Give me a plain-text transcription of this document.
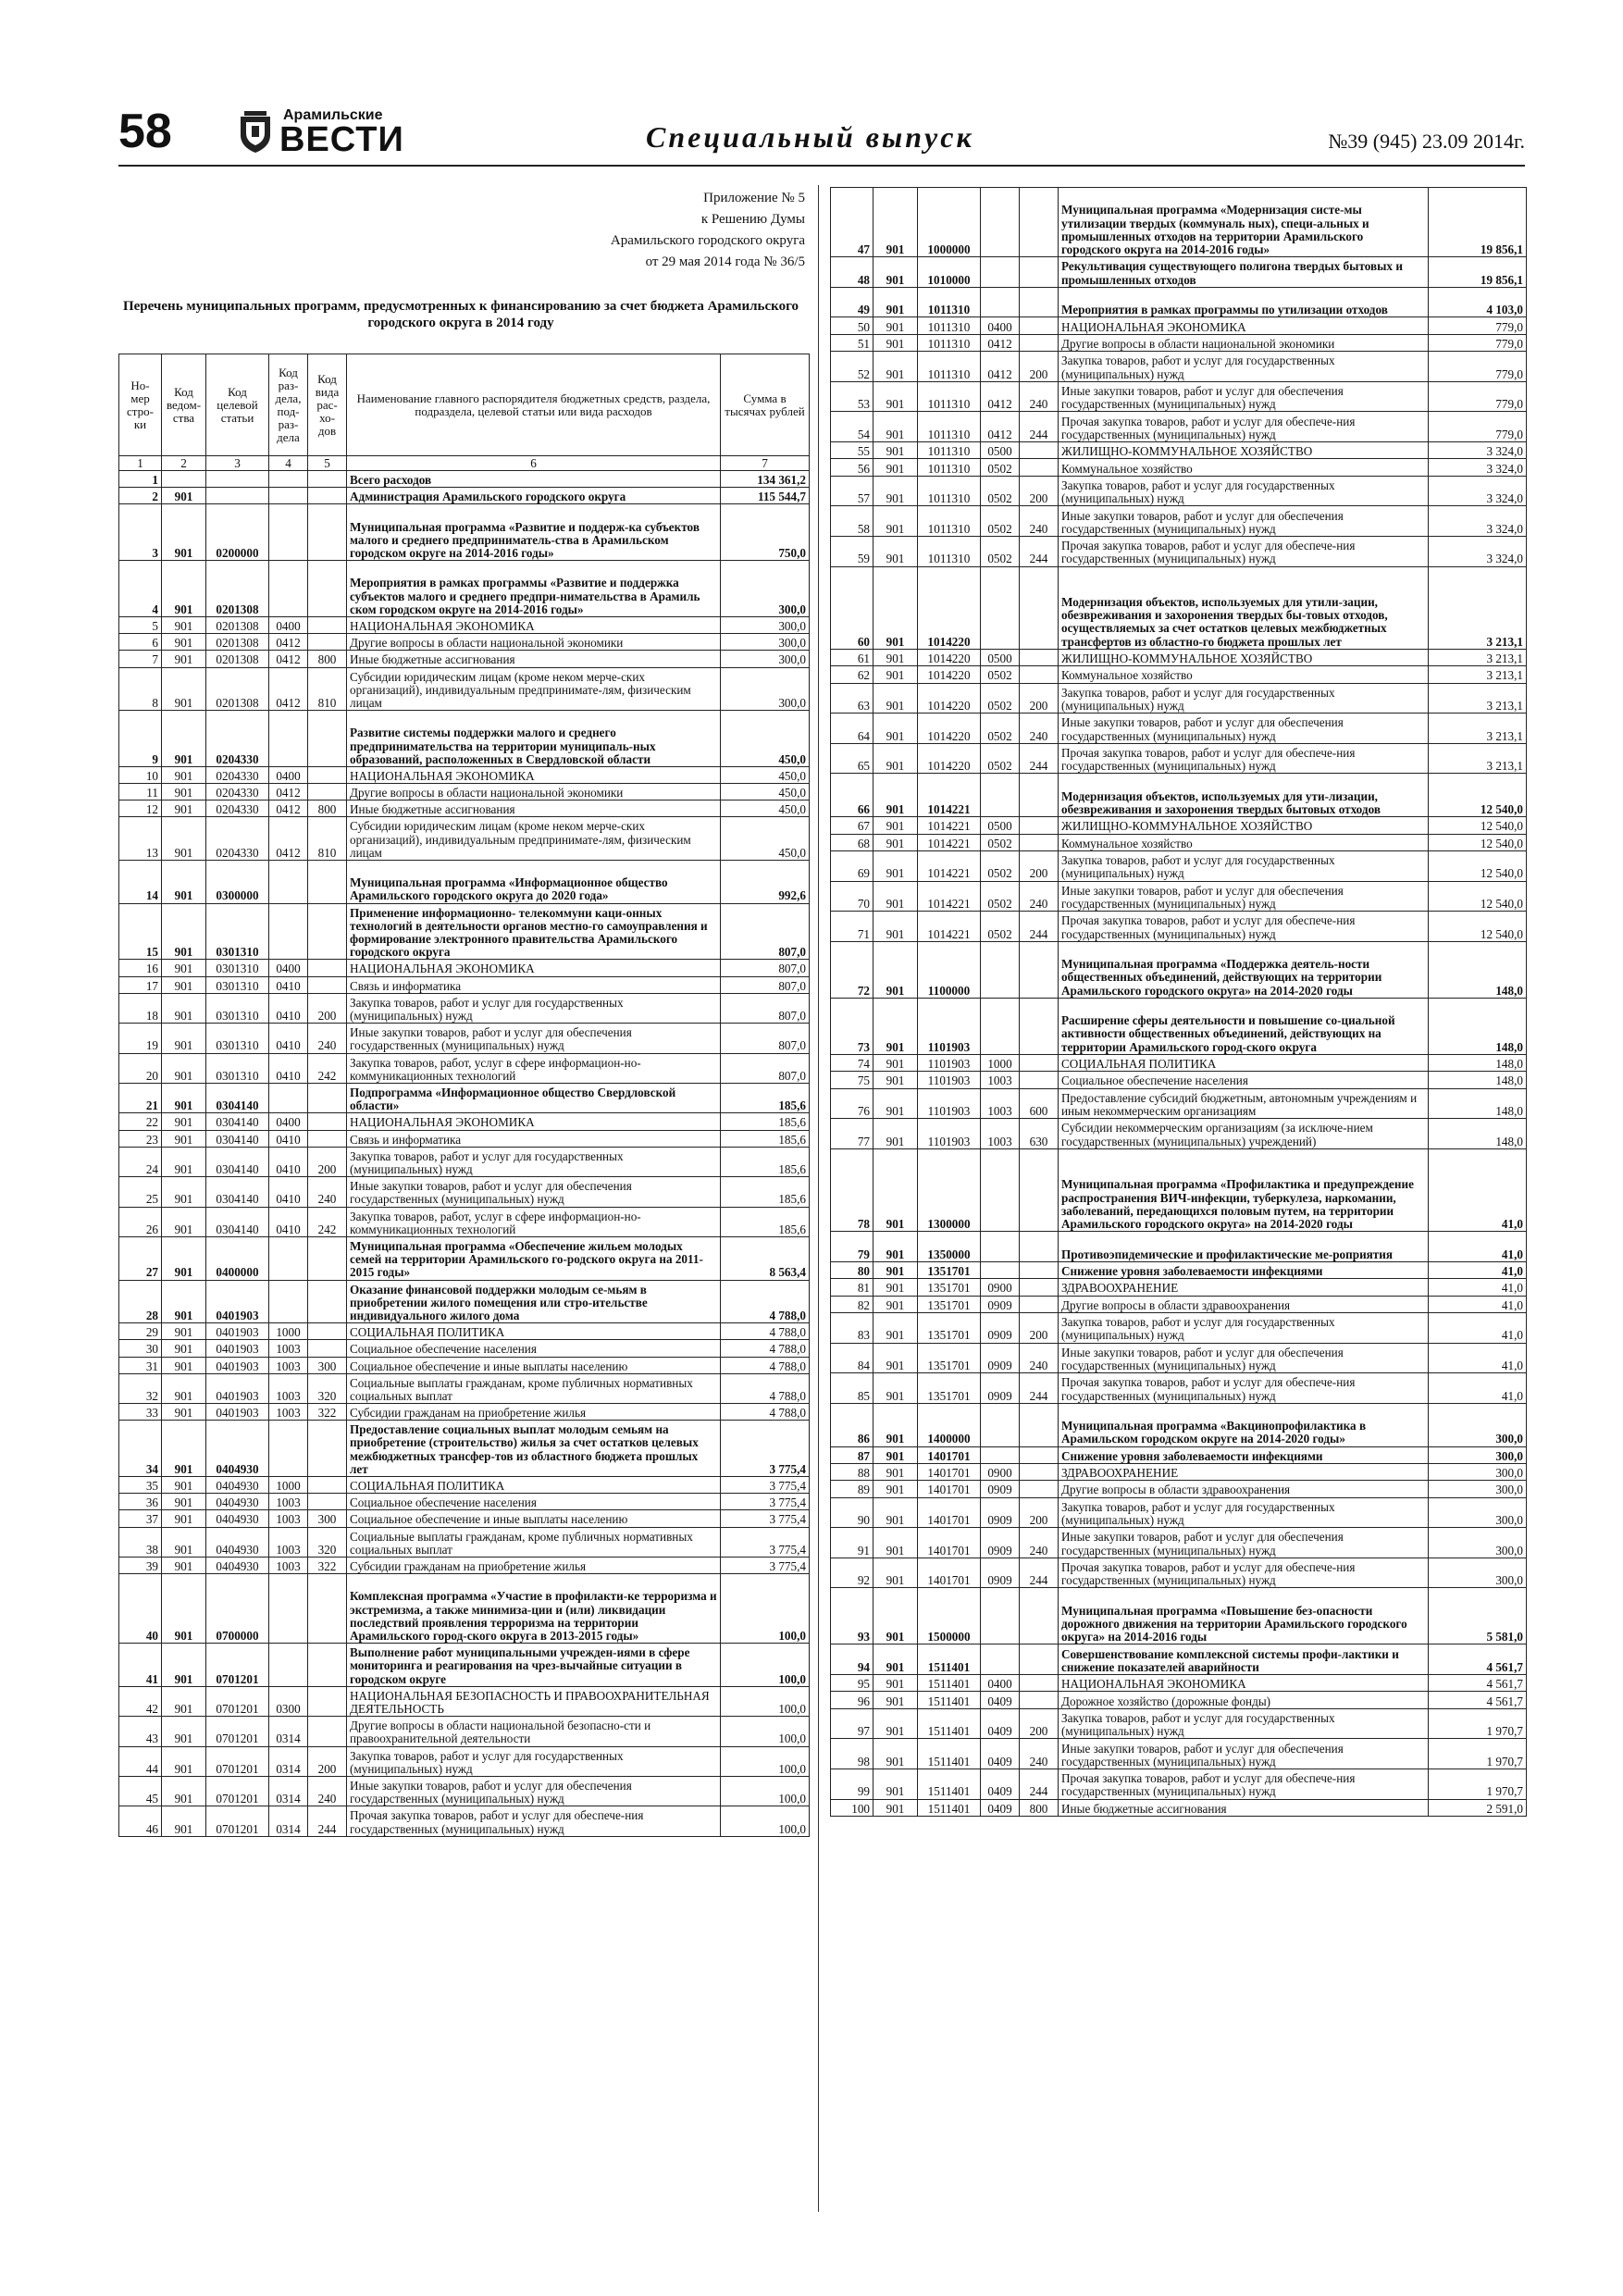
58	Арамильские
ВЕСТИ	Специальный выпуск	№39 (945) 23.09 2014г.
Приложение № 5
к Решению Думы
Арамильского городского округа
от 29 мая 2014 года № 36/5
Перечень муниципальных программ, предусмотренных к финансированию за счет бюджета Арамильского городского округа в 2014 году
Но-мер стро-ки	Код ведом-ства	Код целевой статьи	Код раз-дела, под-раз-дела	Код вида рас-хо-дов	Наименование главного распорядителя бюджетных средств, раздела, подраздела, целевой статьи или вида расходов	Сумма в тысячах рублей
1	2	3	4	5	6	7
1					Всего расходов	134 361,2
2	901				Администрация Арамильского городского округа	115 544,7
3	901	0200000			Муниципальная программа «Развитие и поддерж-ка субъектов малого и среднего предприниматель-ства в Арамильском городском округе на 2014-2016 годы»	750,0
4	901	0201308			Мероприятия в рамках программы «Развитие и поддержка субъектов малого и среднего предпри-нимательства в Арамиль ском городском округе на 2014-2016 годы»	300,0
5	901	0201308	0400		НАЦИОНАЛЬНАЯ ЭКОНОМИКА	300,0
6	901	0201308	0412		Другие вопросы в области национальной экономики	300,0
7	901	0201308	0412	800	Иные бюджетные ассигнования	300,0
8	901	0201308	0412	810	Субсидии юридическим лицам (кроме неком мерче-ских организаций), индивидуальным предпринимате-лям, физическим лицам	300,0
9	901	0204330			Развитие системы поддержки малого и среднего предпринимательства на территории муниципаль-ных образований, расположенных в Свердловской области	450,0
10	901	0204330	0400		НАЦИОНАЛЬНАЯ ЭКОНОМИКА	450,0
11	901	0204330	0412		Другие вопросы в области национальной экономики	450,0
12	901	0204330	0412	800	Иные бюджетные ассигнования	450,0
13	901	0204330	0412	810	Субсидии юридическим лицам (кроме неком мерче-ских организаций), индивидуальным предпринимате-лям, физическим лицам	450,0
14	901	0300000			Муниципальная программа «Информационное общество Арамильского городского округа до 2020 года»	992,6
15	901	0301310			Применение информационно- телекоммуни каци-онных технологий в деятельности органов местно-го самоуправления и формирование электронного правительства Арамильского городского округа	807,0
16	901	0301310	0400		НАЦИОНАЛЬНАЯ ЭКОНОМИКА	807,0
17	901	0301310	0410		Связь и информатика	807,0
18	901	0301310	0410	200	Закупка товаров, работ и услуг для государственных (муниципальных) нужд	807,0
19	901	0301310	0410	240	Иные закупки товаров, работ и услуг для обеспечения государственных (муниципальных) нужд	807,0
20	901	0301310	0410	242	Закупка товаров, работ, услуг в сфере информацион-но-коммуникационных технологий	807,0
21	901	0304140			Подпрограмма «Информационное общество Свердловской области»	185,6
22	901	0304140	0400		НАЦИОНАЛЬНАЯ ЭКОНОМИКА	185,6
23	901	0304140	0410		Связь и информатика	185,6
24	901	0304140	0410	200	Закупка товаров, работ и услуг для государственных (муниципальных) нужд	185,6
25	901	0304140	0410	240	Иные закупки товаров, работ и услуг для обеспечения государственных (муниципальных) нужд	185,6
26	901	0304140	0410	242	Закупка товаров, работ, услуг в сфере информацион-но-коммуникационных технологий	185,6
27	901	0400000			Муниципальная программа «Обеспечение жильем молодых семей на территории Арамильского го-родского округа на 2011-2015 годы»	8 563,4
28	901	0401903			Оказание финансовой поддержки молодым се-мьям в приобретении жилого помещения или стро-ительстве индивидуального жилого дома	4 788,0
29	901	0401903	1000		СОЦИАЛЬНАЯ ПОЛИТИКА	4 788,0
30	901	0401903	1003		Социальное обеспечение населения	4 788,0
31	901	0401903	1003	300	Социальное обеспечение и иные выплаты населению	4 788,0
32	901	0401903	1003	320	Социальные выплаты гражданам, кроме публичных нормативных социальных выплат	4 788,0
33	901	0401903	1003	322	Субсидии гражданам на приобретение жилья	4 788,0
34	901	0404930			Предоставление социальных выплат молодым семьям на приобретение (строительство) жилья за счет остатков целевых межбюджетных трансфер-тов из областного бюджета прошлых лет	3 775,4
35	901	0404930	1000		СОЦИАЛЬНАЯ ПОЛИТИКА	3 775,4
36	901	0404930	1003		Социальное обеспечение населения	3 775,4
37	901	0404930	1003	300	Социальное обеспечение и иные выплаты населению	3 775,4
38	901	0404930	1003	320	Социальные выплаты гражданам, кроме публичных нормативных социальных выплат	3 775,4
39	901	0404930	1003	322	Субсидии гражданам на приобретение жилья	3 775,4
40	901	0700000			Комплексная программа «Участие в профилакти-ке терроризма и экстремизма, а также минимиза-ции и (или) ликвидации последствий проявления терроризма на территории Арамильского город-ского округа в 2013-2015 годы»	100,0
41	901	0701201			Выполнение работ муниципальными учрежден-иями в сфере мониторинга и реагирования на чрез-вычайные ситуации в городском округе	100,0
42	901	0701201	0300		НАЦИОНАЛЬНАЯ БЕЗОПАСНОСТЬ И ПРАВООХРАНИТЕЛЬНАЯ ДЕЯТЕЛЬНОСТЬ	100,0
43	901	0701201	0314		Другие вопросы в области национальной безопасно-сти и правоохранительной деятельности	100,0
44	901	0701201	0314	200	Закупка товаров, работ и услуг для государственных (муниципальных) нужд	100,0
45	901	0701201	0314	240	Иные закупки товаров, работ и услуг для обеспечения государственных (муниципальных) нужд	100,0
46	901	0701201	0314	244	Прочая закупка товаров, работ и услуг для обеспече-ния государственных (муниципальных) нужд	100,0
47	901	1000000			Муниципальная программа «Модернизация систе-мы утилизации твердых (коммуналь ных), специ-альных и промышленных отходов на территории Арамильского городского округа на 2014-2016 годы»	19 856,1
48	901	1010000			Рекультивация существующего полигона твердых бытовых и промышленных отходов	19 856,1
49	901	1011310			Мероприятия в рамках программы по утилизации отходов	4 103,0
50	901	1011310	0400		НАЦИОНАЛЬНАЯ ЭКОНОМИКА	779,0
51	901	1011310	0412		Другие вопросы в области национальной экономики	779,0
52	901	1011310	0412	200	Закупка товаров, работ и услуг для государственных (муниципальных) нужд	779,0
53	901	1011310	0412	240	Иные закупки товаров, работ и услуг для обеспечения государственных (муниципальных) нужд	779,0
54	901	1011310	0412	244	Прочая закупка товаров, работ и услуг для обеспече-ния государственных (муниципальных) нужд	779,0
55	901	1011310	0500		ЖИЛИЩНО-КОММУНАЛЬНОЕ ХОЗЯЙСТВО	3 324,0
56	901	1011310	0502		Коммунальное хозяйство	3 324,0
57	901	1011310	0502	200	Закупка товаров, работ и услуг для государственных (муниципальных) нужд	3 324,0
58	901	1011310	0502	240	Иные закупки товаров, работ и услуг для обеспечения государственных (муниципальных) нужд	3 324,0
59	901	1011310	0502	244	Прочая закупка товаров, работ и услуг для обеспече-ния государственных (муниципальных) нужд	3 324,0
60	901	1014220			Модернизация объектов, используемых для утили-зации, обезвреживания и захоронения твердых бы-товых отходов, осуществляемых за счет остатков целевых межбюджетных трансфертов из областно-го бюджета прошлых лет	3 213,1
61	901	1014220	0500		ЖИЛИЩНО-КОММУНАЛЬНОЕ ХОЗЯЙСТВО	3 213,1
62	901	1014220	0502		Коммунальное хозяйство	3 213,1
63	901	1014220	0502	200	Закупка товаров, работ и услуг для государственных (муниципальных) нужд	3 213,1
64	901	1014220	0502	240	Иные закупки товаров, работ и услуг для обеспечения государственных (муниципальных) нужд	3 213,1
65	901	1014220	0502	244	Прочая закупка товаров, работ и услуг для обеспече-ния государственных (муниципальных) нужд	3 213,1
66	901	1014221			Модернизация объектов, используемых для ути-лизации, обезвреживания и захоронения твердых бытовых отходов	12 540,0
67	901	1014221	0500		ЖИЛИЩНО-КОММУНАЛЬНОЕ ХОЗЯЙСТВО	12 540,0
68	901	1014221	0502		Коммунальное хозяйство	12 540,0
69	901	1014221	0502	200	Закупка товаров, работ и услуг для государственных (муниципальных) нужд	12 540,0
70	901	1014221	0502	240	Иные закупки товаров, работ и услуг для обеспечения государственных (муниципальных) нужд	12 540,0
71	901	1014221	0502	244	Прочая закупка товаров, работ и услуг для обеспече-ния государственных (муниципальных) нужд	12 540,0
72	901	1100000			Муниципальная программа «Поддержка деятель-ности общественных объединений, действующих на территории Арамильского городского округа» на 2014-2020 годы	148,0
73	901	1101903			Расширение сферы деятельности и повышение со-циальной активности общественных объединений, действующих на территории Арамильского город-ского округа	148,0
74	901	1101903	1000		СОЦИАЛЬНАЯ ПОЛИТИКА	148,0
75	901	1101903	1003		Социальное обеспечение населения	148,0
76	901	1101903	1003	600	Предоставление субсидий бюджетным, автономным учреждениям и иным некоммерческим организациям	148,0
77	901	1101903	1003	630	Субсидии некоммерческим организациям (за исключе-нием государственных (муниципальных) учреждений)	148,0
78	901	1300000			Муниципальная программа «Профилактика и предупреждение распространения ВИЧ-инфекции, туберкулеза, наркомании, заболеваний, передающихся половым путем, на территории Арамильского городского округа» на 2014-2020 годы	41,0
79	901	1350000			Противоэпидемические и профилактические ме-роприятия	41,0
80	901	1351701			Снижение уровня заболеваемости инфекциями	41,0
81	901	1351701	0900		ЗДРАВООХРАНЕНИЕ	41,0
82	901	1351701	0909		Другие вопросы в области здравоохранения	41,0
83	901	1351701	0909	200	Закупка товаров, работ и услуг для государственных (муниципальных) нужд	41,0
84	901	1351701	0909	240	Иные закупки товаров, работ и услуг для обеспечения государственных (муниципальных) нужд	41,0
85	901	1351701	0909	244	Прочая закупка товаров, работ и услуг для обеспече-ния государственных (муниципальных) нужд	41,0
86	901	1400000			Муниципальная программа «Вакцинопрофилактика в Арамильском городском округе на 2014-2020 годы»	300,0
87	901	1401701			Снижение уровня заболеваемости инфекциями	300,0
88	901	1401701	0900		ЗДРАВООХРАНЕНИЕ	300,0
89	901	1401701	0909		Другие вопросы в области здравоохранения	300,0
90	901	1401701	0909	200	Закупка товаров, работ и услуг для государственных (муниципальных) нужд	300,0
91	901	1401701	0909	240	Иные закупки товаров, работ и услуг для обеспечения государственных (муниципальных) нужд	300,0
92	901	1401701	0909	244	Прочая закупка товаров, работ и услуг для обеспече-ния государственных (муниципальных) нужд	300,0
93	901	1500000			Муниципальная программа «Повышение без-опасности дорожного движения на территории Арамильского городского округа» на 2014-2016 годы	5 581,0
94	901	1511401			Совершенствование комплексной системы профи-лактики и снижение показателей аварийности	4 561,7
95	901	1511401	0400		НАЦИОНАЛЬНАЯ ЭКОНОМИКА	4 561,7
96	901	1511401	0409		Дорожное хозяйство (дорожные фонды)	4 561,7
97	901	1511401	0409	200	Закупка товаров, работ и услуг для государственных (муниципальных) нужд	1 970,7
98	901	1511401	0409	240	Иные закупки товаров, работ и услуг для обеспечения государственных (муниципальных) нужд	1 970,7
99	901	1511401	0409	244	Прочая закупка товаров, работ и услуг для обеспече-ния государственных (муниципальных) нужд	1 970,7
100	901	1511401	0409	800	Иные бюджетные ассигнования	2 591,0
